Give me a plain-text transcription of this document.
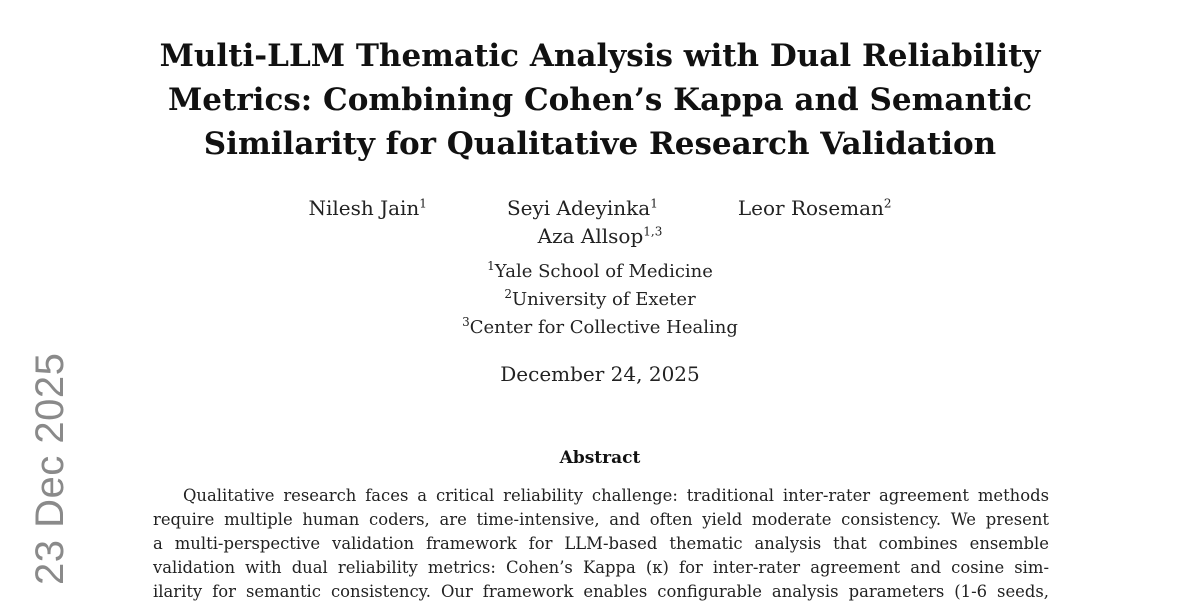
23 Dec 2025
Multi-LLM Thematic Analysis with Dual Reliability
Metrics: Combining Cohen’s Kappa and Semantic
Similarity for Qualitative Research Validation
Nilesh Jain$^1$	Seyi Adeyinka$^1$	Leor Roseman$^2$
Aza Allsop$^{1,3}$
$^1$Yale School of Medicine
$^2$University of Exeter
$^3$Center for Collective Healing
December 24, 2025
Abstract
Qualitative research faces a critical reliability challenge: traditional inter-rater agreement methods
require multiple human coders, are time-intensive, and often yield moderate consistency. We present
a multi-perspective validation framework for LLM-based thematic analysis that combines ensemble
validation with dual reliability metrics: Cohen’s Kappa (κ) for inter-rater agreement and cosine sim-
ilarity for semantic consistency. Our framework enables configurable analysis parameters (1-6 seeds,
